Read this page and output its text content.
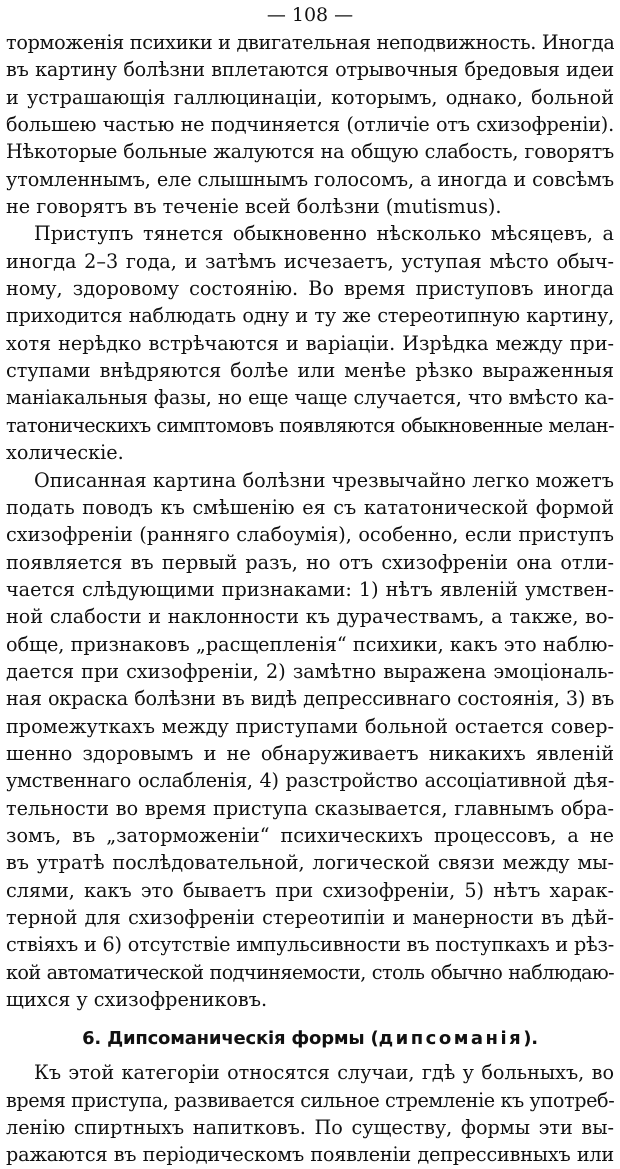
— 108 —
торможенія психики и двигательная неподвижность. Иногда
въ картину болѣзни вплетаются отрывочныя бредовыя идеи
и устрашающія галлюцинаціи, которымъ, однако, больной
большею частью не подчиняется (отличіе отъ схизофреніи).
Нѣкоторые больные жалуются на общую слабость, говорятъ
утомленнымъ, еле слышнымъ голосомъ, а иногда и совсѣмъ
не говорятъ въ теченіе всей болѣзни (mutismus).
Приступъ тянется обыкновенно нѣсколько мѣсяцевъ, а
иногда 2–3 года, и затѣмъ исчезаетъ, уступая мѣсто обыч-
ному, здоровому состоянію. Во время приступовъ иногда
приходится наблюдать одну и ту же стереотипную картину,
хотя нерѣдко встрѣчаются и варіаціи. Изрѣдка между при-
ступами внѣдряются болѣе или менѣе рѣзко выраженныя
маніакальныя фазы, но еще чаще случается, что вмѣсто ка-
татоническихъ симптомовъ появляются обыкновенные мелан-
холическіе.
Описанная картина болѣзни чрезвычайно легко можетъ
подать поводъ къ смѣшенію ея съ кататонической формой
схизофреніи (ранняго слабоумія), особенно, если приступъ
появляется въ первый разъ, но отъ схизофреніи она отли-
чается слѣдующими признаками: 1) нѣтъ явленій умствен-
ной слабости и наклонности къ дурачествамъ, а также, во-
обще, признаковъ „расщепленія“ психики, какъ это наблю-
дается при схизофреніи, 2) замѣтно выражена эмоціональ-
ная окраска болѣзни въ видѣ депрессивнаго состоянія, 3) въ
промежуткахъ между приступами больной остается совер-
шенно здоровымъ и не обнаруживаетъ никакихъ явленій
умственнаго ослабленія, 4) разстройство ассоціативной дѣя-
тельности во время приступа сказывается, главнымъ обра-
зомъ, въ „заторможеніи“ психическихъ процессовъ, а не
въ утратѣ послѣдовательной, логической связи между мы-
слями, какъ это бываетъ при схизофреніи, 5) нѣтъ харак-
терной для схизофреніи стереотипіи и манерности въ дѣй-
ствіяхъ и 6) отсутствіе импульсивности въ поступкахъ и рѣз-
кой автоматической подчиняемости, столь обычно наблюдаю-
щихся у схизофрениковъ.
6. Дипсоманическія формы (дипсоманія).
Къ этой категоріи относятся случаи, гдѣ у больныхъ, во
время приступа, развивается сильное стремленіе къ употреб-
ленію спиртныхъ напитковъ. По существу, формы эти вы-
ражаются въ періодическомъ появленіи депрессивныхъ или
